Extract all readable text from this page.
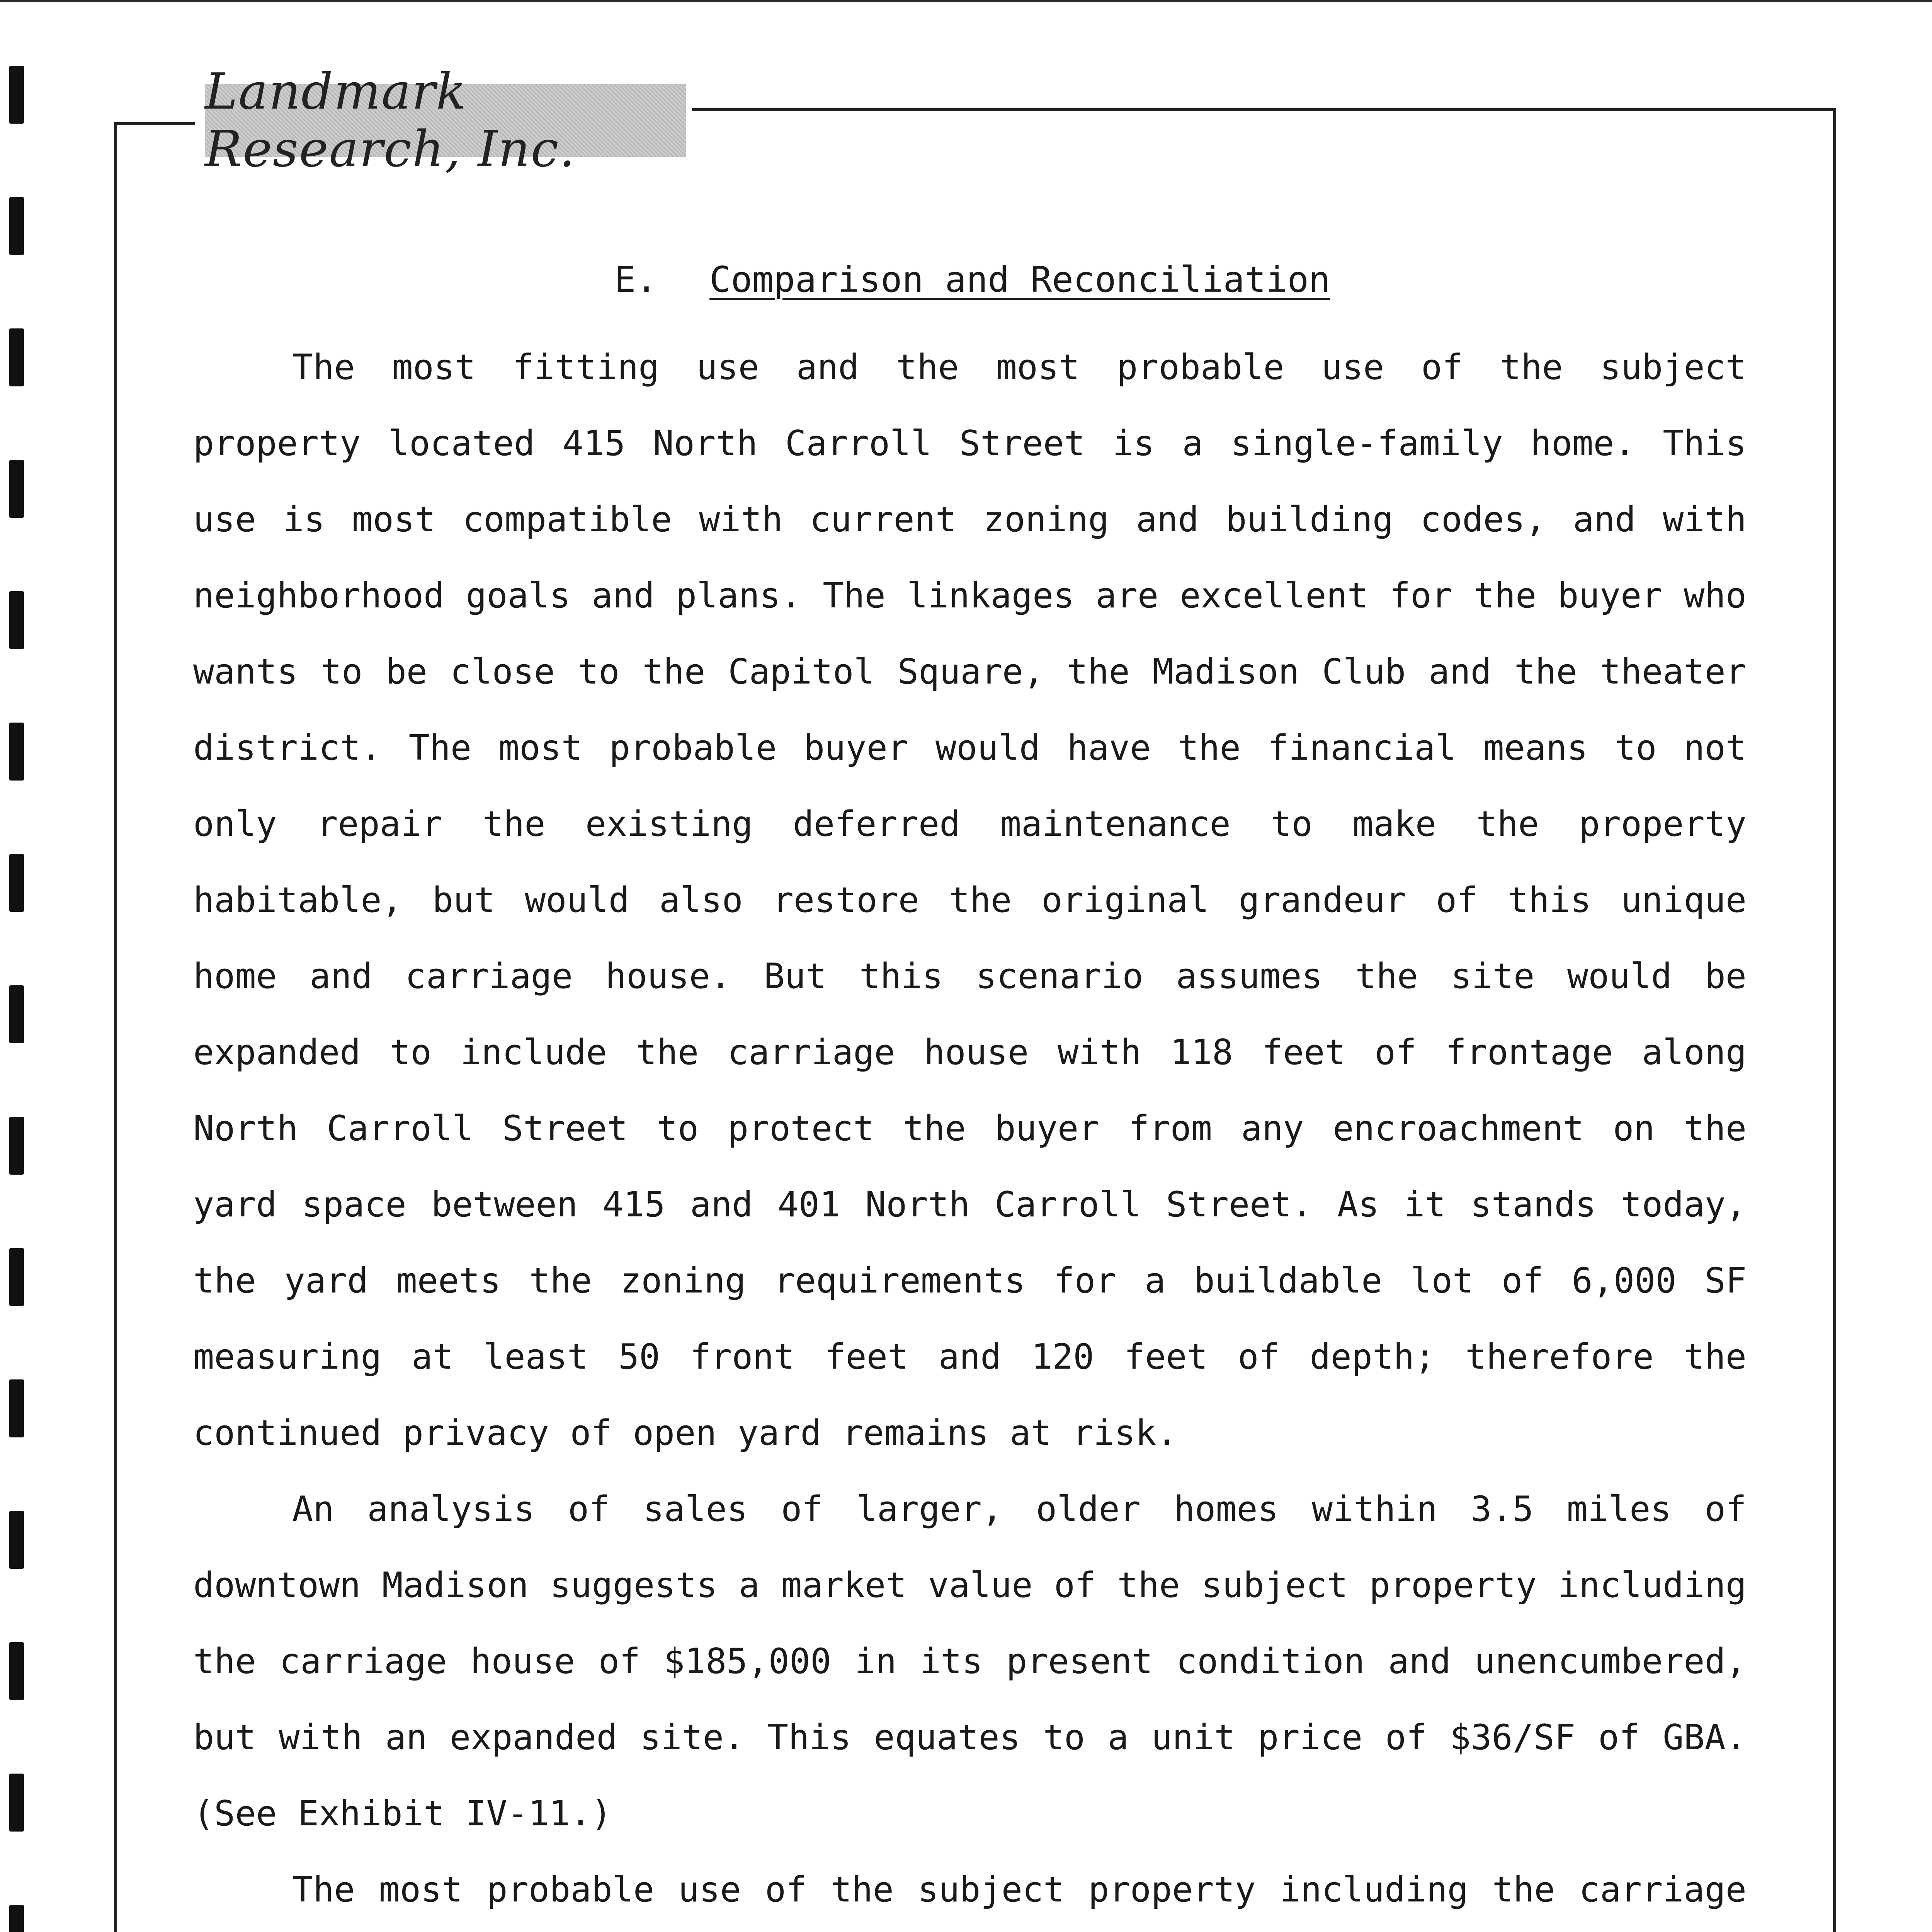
Landmark Research, Inc.
E. Comparison and Reconciliation

The most fitting use and the most probable use of the subject property located 415 North Carroll Street is a single-family home. This use is most compatible with current zoning and building codes, and with neighborhood goals and plans. The linkages are excellent for the buyer who wants to be close to the Capitol Square, the Madison Club and the theater district. The most probable buyer would have the financial means to not only repair the existing deferred maintenance to make the property habitable, but would also restore the original grandeur of this unique home and carriage house. But this scenario assumes the site would be expanded to include the carriage house with 118 feet of frontage along North Carroll Street to protect the buyer from any encroachment on the yard space between 415 and 401 North Carroll Street. As it stands today, the yard meets the zoning requirements for a buildable lot of 6,000 SF measuring at least 50 front feet and 120 feet of depth; therefore the continued privacy of open yard remains at risk.

An analysis of sales of larger, older homes within 3.5 miles of downtown Madison suggests a market value of the subject property including the carriage house of $185,000 in its present condition and unencumbered, but with an expanded site. This equates to a unit price of $36/SF of GBA. (See Exhibit IV-11.)

The most probable use of the subject property including the carriage
